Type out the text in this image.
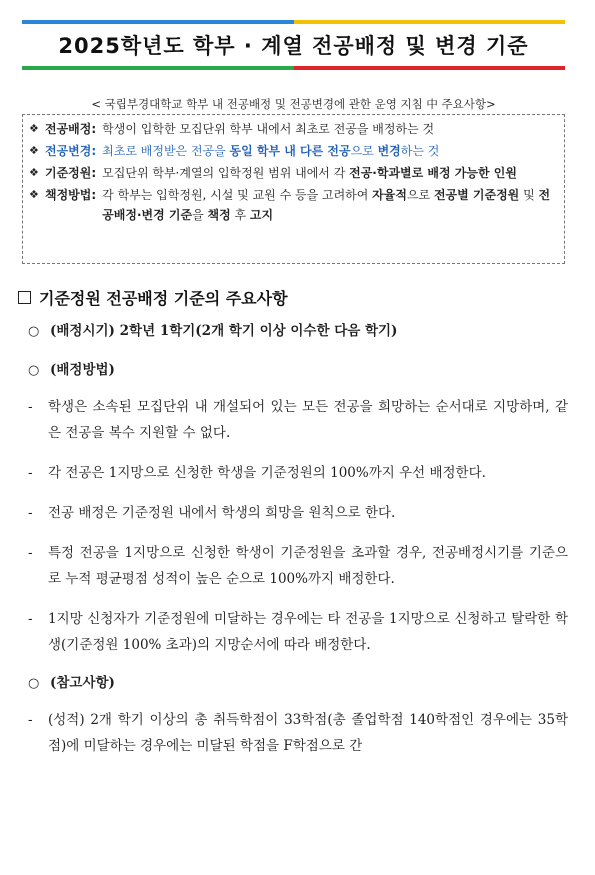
2025학년도 학부 · 계열 전공배정 및 변경 기준
< 국립부경대학교 학부 내 전공배정 및 전공변경에 관한 운영 지침 中 주요사항>
❖ 전공배정: 학생이 입학한 모집단위 학부 내에서 최초로 전공을 배정하는 것
❖ 전공변경: 최초로 배정받은 전공을 동일 학부 내 다른 전공으로 변경하는 것
❖ 기준정원: 모집단위 학부·계열의 입학정원 범위 내에서 각 전공·학과별로 배정 가능한 인원
❖ 책정방법: 각 학부는 입학정원, 시설 및 교원 수 등을 고려하여 자율적으로 전공별 기준정원 및 전공배정·변경 기준을 책정 후 고지
기준정원 전공배정 기준의 주요사항
○ (배정시기) 2학년 1학기(2개 학기 이상 이수한 다음 학기)
○ (배정방법)
-	학생은 소속된 모집단위 내 개설되어 있는 모든 전공을 희망하는 순서대로 지망하며, 같은 전공을 복수 지원할 수 없다.
-	각 전공은 1지망으로 신청한 학생을 기준정원의 100%까지 우선 배정한다.
-	전공 배정은 기준정원 내에서 학생의 희망을 원칙으로 한다.
-	특정 전공을 1지망으로 신청한 학생이 기준정원을 초과할 경우, 전공배정시기를 기준으로 누적 평균평점 성적이 높은 순으로 100%까지 배정한다.
-	1지망 신청자가 기준정원에 미달하는 경우에는 타 전공을 1지망으로 신청하고 탈락한 학생(기준정원 100% 초과)의 지망순서에 따라 배정한다.
○ (참고사항)
-	(성적) 2개 학기 이상의 총 취득학점이 33학점(총 졸업학점 140학점인 경우에는 35학점)에 미달하는 경우에는 미달된 학점을 F학점으로 간
